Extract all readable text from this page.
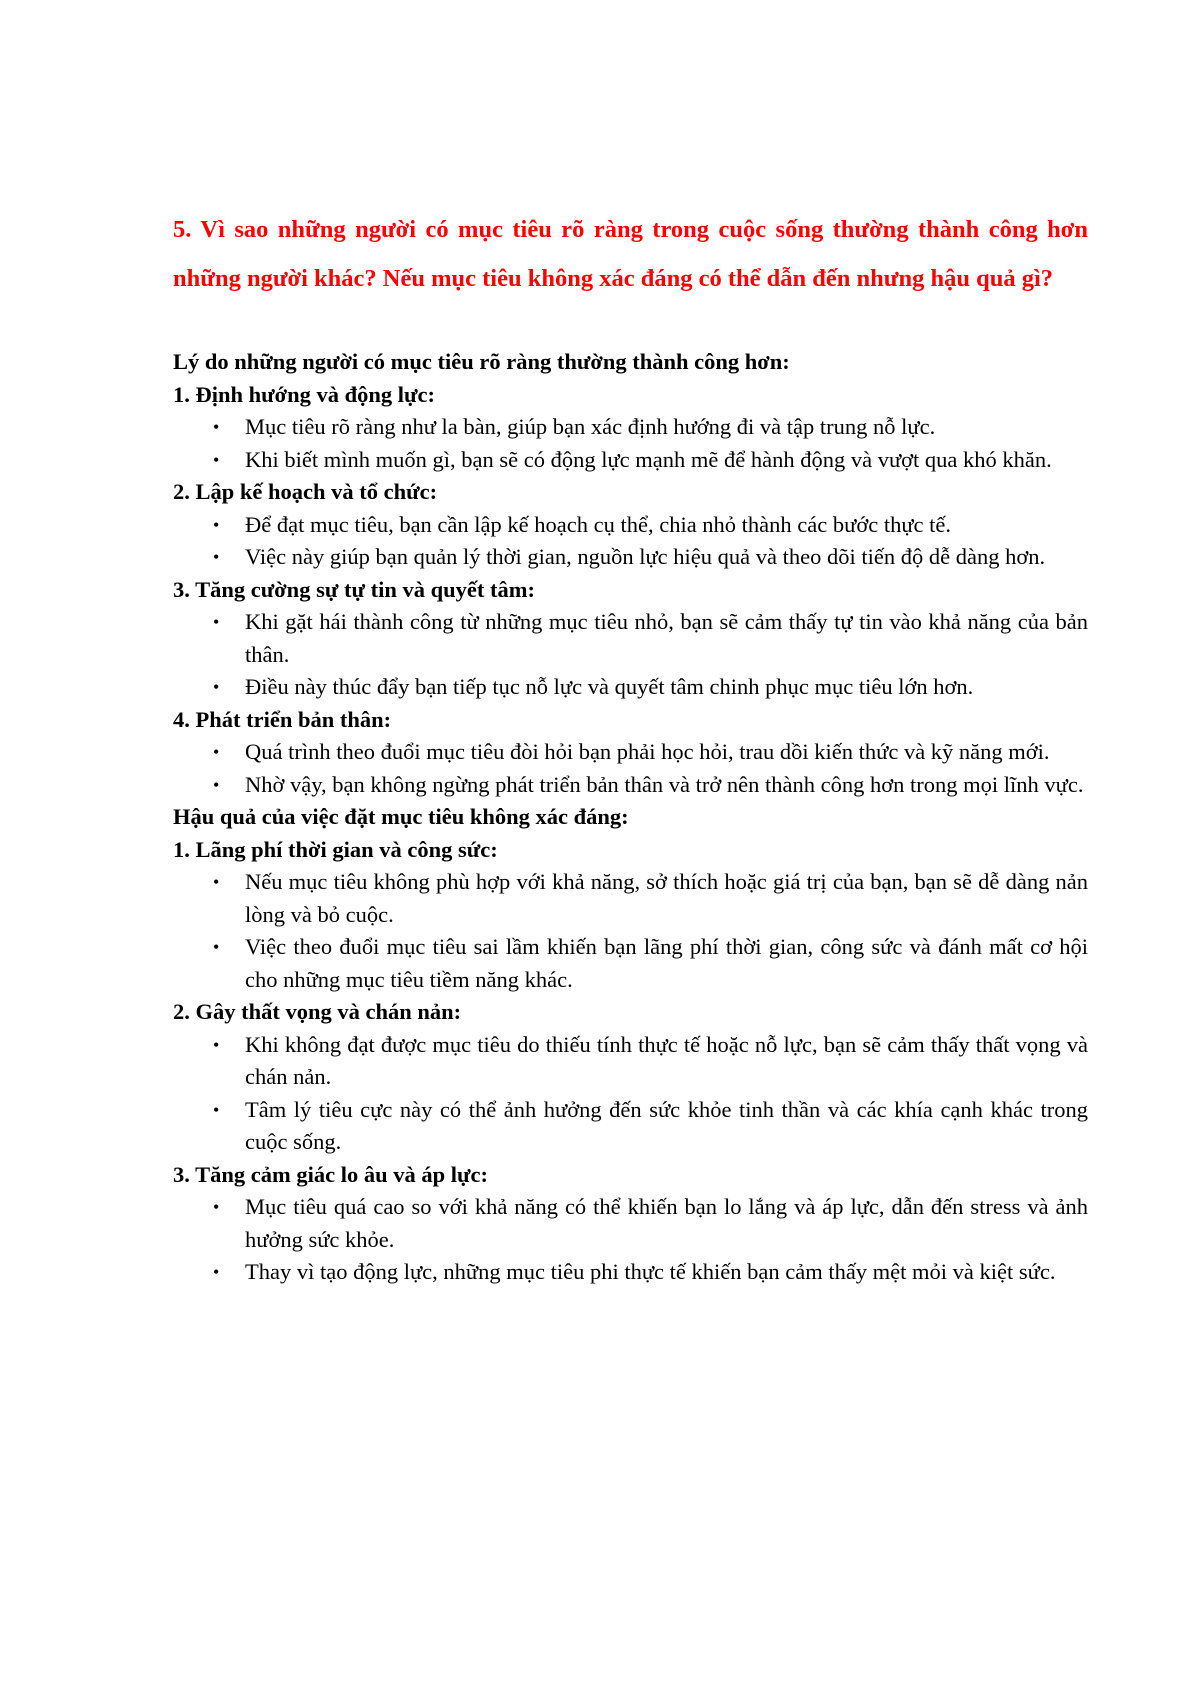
5. Vì sao những người có mục tiêu rõ ràng trong cuộc sống thường thành công hơn những người khác? Nếu mục tiêu không xác đáng có thể dẫn đến nhưng hậu quả gì?

Lý do những người có mục tiêu rõ ràng thường thành công hơn:

1. Định hướng và động lực:

• Mục tiêu rõ ràng như la bàn, giúp bạn xác định hướng đi và tập trung nỗ lực.
• Khi biết mình muốn gì, bạn sẽ có động lực mạnh mẽ để hành động và vượt qua khó khăn.

2. Lập kế hoạch và tổ chức:

• Để đạt mục tiêu, bạn cần lập kế hoạch cụ thể, chia nhỏ thành các bước thực tế.
• Việc này giúp bạn quản lý thời gian, nguồn lực hiệu quả và theo dõi tiến độ dễ dàng hơn.

3. Tăng cường sự tự tin và quyết tâm:

• Khi gặt hái thành công từ những mục tiêu nhỏ, bạn sẽ cảm thấy tự tin vào khả năng của bản thân.
• Điều này thúc đẩy bạn tiếp tục nỗ lực và quyết tâm chinh phục mục tiêu lớn hơn.

4. Phát triển bản thân:

• Quá trình theo đuổi mục tiêu đòi hỏi bạn phải học hỏi, trau dồi kiến thức và kỹ năng mới.
• Nhờ vậy, bạn không ngừng phát triển bản thân và trở nên thành công hơn trong mọi lĩnh vực.

Hậu quả của việc đặt mục tiêu không xác đáng:

1. Lãng phí thời gian và công sức:

• Nếu mục tiêu không phù hợp với khả năng, sở thích hoặc giá trị của bạn, bạn sẽ dễ dàng nản lòng và bỏ cuộc.
• Việc theo đuổi mục tiêu sai lầm khiến bạn lãng phí thời gian, công sức và đánh mất cơ hội cho những mục tiêu tiềm năng khác.

2. Gây thất vọng và chán nản:

• Khi không đạt được mục tiêu do thiếu tính thực tế hoặc nỗ lực, bạn sẽ cảm thấy thất vọng và chán nản.
• Tâm lý tiêu cực này có thể ảnh hưởng đến sức khỏe tinh thần và các khía cạnh khác trong cuộc sống.

3. Tăng cảm giác lo âu và áp lực:

• Mục tiêu quá cao so với khả năng có thể khiến bạn lo lắng và áp lực, dẫn đến stress và ảnh hưởng sức khỏe.
• Thay vì tạo động lực, những mục tiêu phi thực tế khiến bạn cảm thấy mệt mỏi và kiệt sức.
